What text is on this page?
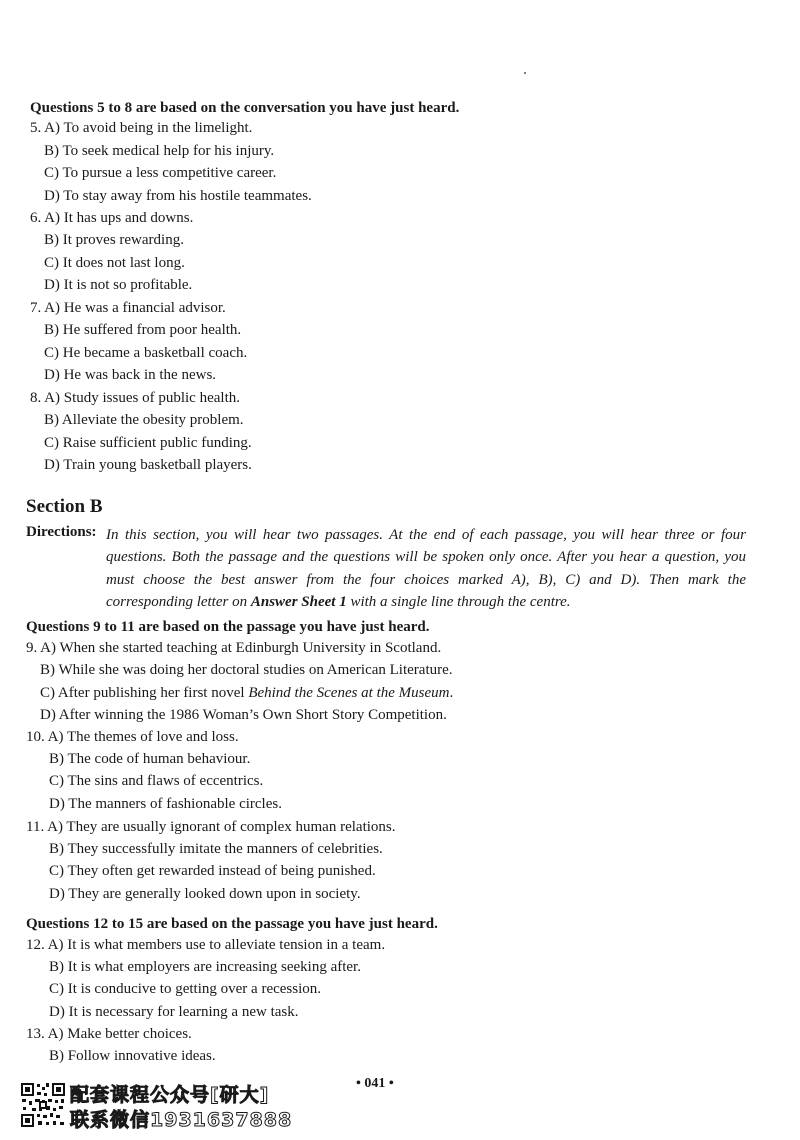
Questions 5 to 8 are based on the conversation you have just heard.
5. A) To avoid being in the limelight.
B) To seek medical help for his injury.
C) To pursue a less competitive career.
D) To stay away from his hostile teammates.
6. A) It has ups and downs.
B) It proves rewarding.
C) It does not last long.
D) It is not so profitable.
7. A) He was a financial advisor.
B) He suffered from poor health.
C) He became a basketball coach.
D) He was back in the news.
8. A) Study issues of public health.
B) Alleviate the obesity problem.
C) Raise sufficient public funding.
D) Train young basketball players.
Section B
Directions: In this section, you will hear two passages. At the end of each passage, you will hear three or four questions. Both the passage and the questions will be spoken only once. After you hear a question, you must choose the best answer from the four choices marked A), B), C) and D). Then mark the corresponding letter on Answer Sheet 1 with a single line through the centre.
Questions 9 to 11 are based on the passage you have just heard.
9. A) When she started teaching at Edinburgh University in Scotland.
B) While she was doing her doctoral studies on American Literature.
C) After publishing her first novel Behind the Scenes at the Museum.
D) After winning the 1986 Woman’s Own Short Story Competition.
10. A) The themes of love and loss.
B) The code of human behaviour.
C) The sins and flaws of eccentrics.
D) The manners of fashionable circles.
11. A) They are usually ignorant of complex human relations.
B) They successfully imitate the manners of celebrities.
C) They often get rewarded instead of being punished.
D) They are generally looked down upon in society.
Questions 12 to 15 are based on the passage you have just heard.
12. A) It is what members use to alleviate tension in a team.
B) It is what employers are increasing seeking after.
C) It is conducive to getting over a recession.
D) It is necessary for learning a new task.
13. A) Make better choices.
B) Follow innovative ideas.
• 041 •
配套课程公众号[研大]
联系微信1931637888
